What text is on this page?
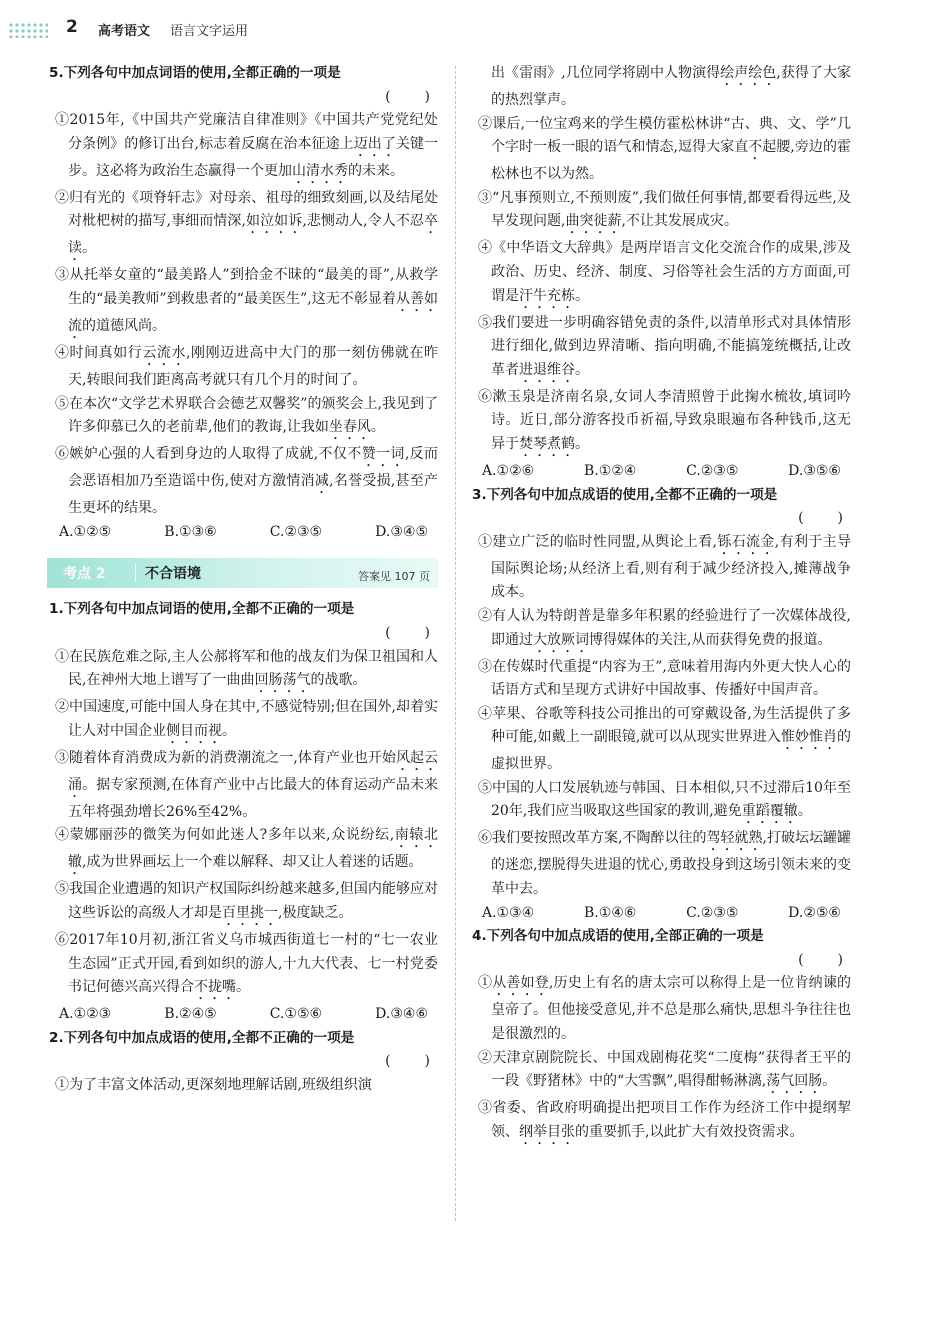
2 高考语文 语言文字运用
5.下列各句中加点词语的使用,全都正确的一项是
(　　)

①2015年,《中国共产党廉洁自律准则》《中国共产党党纪处分条例》的修订出台,标志着反腐在治本征途上迈出了关键一步。这必将为政治生态赢得一个更加山清水秀的未来。

②归有光的《项脊轩志》对母亲、祖母的细致刻画,以及结尾处对枇杷树的描写,事细而情深,如泣如诉,悲恻动人,令人不忍卒读。

③从托举女童的“最美路人”到拾金不昧的“最美的哥”,从救学生的“最美教师”到救患者的“最美医生”,这无不彰显着从善如流的道德风尚。

④时间真如行云流水,刚刚迈进高中大门的那一刻仿佛就在昨天,转眼间我们距离高考就只有几个月的时间了。

⑤在本次“文学艺术界联合会德艺双馨奖”的颁奖会上,我见到了许多仰慕已久的老前辈,他们的教诲,让我如坐春风。

⑥嫉妒心强的人看到身边的人取得了成就,不仅不赞一词,反而会恶语相加乃至造谣中伤,使对方激情消减,名誉受损,甚至产生更坏的结果。

A.①②⑤	B.①③⑥	C.②③⑤	D.③④⑤
考点 2	不合语境	答案见 107 页
1.下列各句中加点词语的使用,全都不正确的一项是
(　　)

①在民族危难之际,主人公郝将军和他的战友们为保卫祖国和人民,在神州大地上谱写了一曲曲回肠荡气的战歌。

②中国速度,可能中国人身在其中,不感觉特别;但在国外,却着实让人对中国企业侧目而视。

③随着体育消费成为新的消费潮流之一,体育产业也开始风起云涌。据专家预测,在体育产业中占比最大的体育运动产品未来五年将强劲增长26%至42%。

④蒙娜丽莎的微笑为何如此迷人?多年以来,众说纷纭,南辕北辙,成为世界画坛上一个难以解释、却又让人着迷的话题。

⑤我国企业遭遇的知识产权国际纠纷越来越多,但国内能够应对这些诉讼的高级人才却是百里挑一,极度缺乏。

⑥2017年10月初,浙江省义乌市城西街道七一村的“七一农业生态园”正式开园,看到如织的游人,十九大代表、七一村党委书记何德兴高兴得合不拢嘴。

A.①②③	B.②④⑤	C.①⑤⑥	D.③④⑥
2.下列各句中加点成语的使用,全都不正确的一项是
(　　)

①为了丰富文体活动,更深刻地理解话剧,班级组织演

出《雷雨》,几位同学将剧中人物演得绘声绘色,获得了大家的热烈掌声。

②课后,一位宝鸡来的学生模仿霍松林讲“古、典、文、学”几个字时一板一眼的语气和情态,逗得大家直不起腰,旁边的霍松林也不以为然。

③“凡事预则立,不预则废”,我们做任何事情,都要看得远些,及早发现问题,曲突徙薪,不让其发展成灾。

④《中华语文大辞典》是两岸语言文化交流合作的成果,涉及政治、历史、经济、制度、习俗等社会生活的方方面面,可谓是汗牛充栋。

⑤我们要进一步明确容错免责的条件,以清单形式对具体情形进行细化,做到边界清晰、指向明确,不能搞笼统概括,让改革者进退维谷。

⑥漱玉泉是济南名泉,女词人李清照曾于此掬水梳妆,填词吟诗。近日,部分游客投币祈福,导致泉眼遍布各种钱币,这无异于焚琴煮鹤。

A.①②⑥	B.①②④	C.②③⑤	D.③⑤⑥
3.下列各句中加点成语的使用,全都不正确的一项是
(　　)

①建立广泛的临时性同盟,从舆论上看,铄石流金,有利于主导国际舆论场;从经济上看,则有利于减少经济投入,摊薄战争成本。

②有人认为特朗普是靠多年积累的经验进行了一次媒体战役,即通过大放厥词博得媒体的关注,从而获得免费的报道。

③在传媒时代重提“内容为王”,意味着用海内外更大快人心的话语方式和呈现方式讲好中国故事、传播好中国声音。

④苹果、谷歌等科技公司推出的可穿戴设备,为生活提供了多种可能,如戴上一副眼镜,就可以从现实世界进入惟妙惟肖的虚拟世界。

⑤中国的人口发展轨迹与韩国、日本相似,只不过滞后10年至20年,我们应当吸取这些国家的教训,避免重蹈覆辙。

⑥我们要按照改革方案,不陶醉以往的驾轻就熟,打破坛坛罐罐的迷恋,摆脱得失进退的忧心,勇敢投身到这场引领未来的变革中去。

A.①③④	B.①④⑥	C.②③⑤	D.②⑤⑥
4.下列各句中加点成语的使用,全部正确的一项是
(　　)

①从善如登,历史上有名的唐太宗可以称得上是一位肯纳谏的皇帝了。但他接受意见,并不总是那么痛快,思想斗争往往也是很激烈的。

②天津京剧院院长、中国戏剧梅花奖“二度梅”获得者王平的一段《野猪林》中的“大雪飘”,唱得酣畅淋漓,荡气回肠。

③省委、省政府明确提出把项目工作作为经济工作中提纲挈领、纲举目张的重要抓手,以此扩大有效投资需求。
